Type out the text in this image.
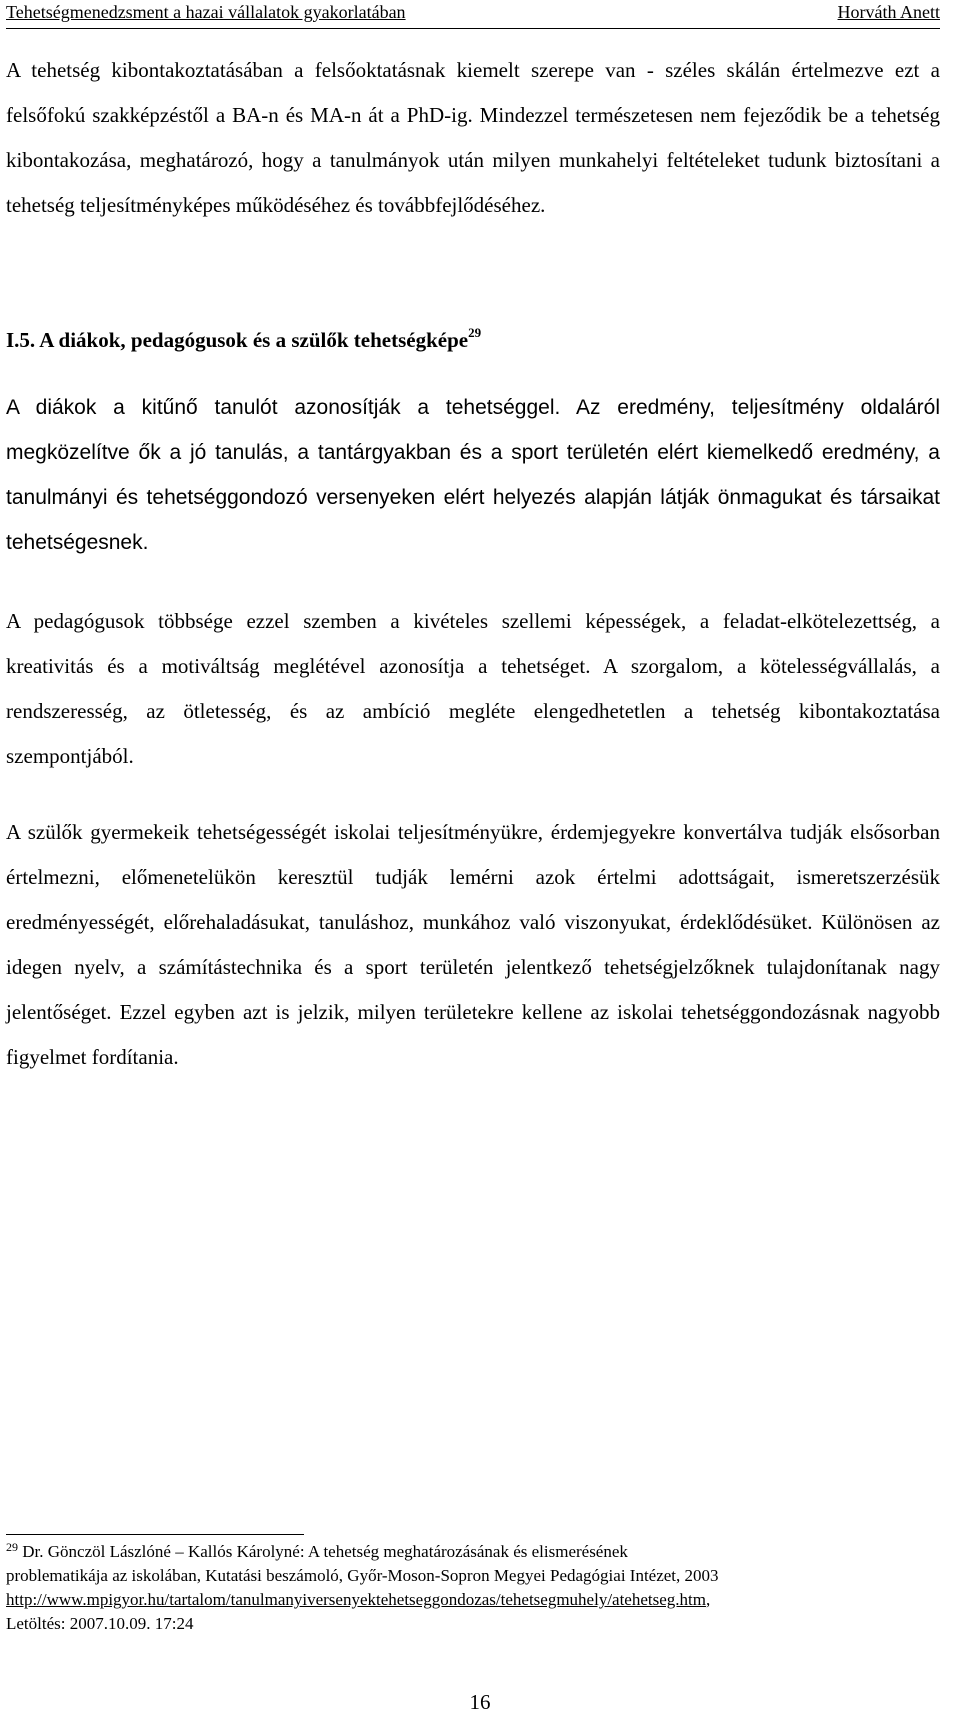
Tehetségmenedzsment a hazai vállalatok gyakorlatában	Horváth Anett

A tehetség kibontakoztatásában a felsőoktatásnak kiemelt szerepe van - széles skálán értelmezve ezt a felsőfokú szakképzéstől a BA-n és MA-n át a PhD-ig. Mindezzel természetesen nem fejeződik be a tehetség kibontakozása, meghatározó, hogy a tanulmányok után milyen munkahelyi feltételeket tudunk biztosítani a tehetség teljesítményképes működéséhez és továbbfejlődéséhez.

I.5. A diákok, pedagógusok és a szülők tehetségképe$^{29}$

A diákok a kitűnő tanulót azonosítják a tehetséggel. Az eredmény, teljesítmény oldaláról megközelítve ők a jó tanulás, a tantárgyakban és a sport területén elért kiemelkedő eredmény, a tanulmányi és tehetséggondozó versenyeken elért helyezés alapján látják önmagukat és társaikat tehetségesnek.

A pedagógusok többsége ezzel szemben a kivételes szellemi képességek, a feladat-elkötelezettség, a kreativitás és a motiváltság meglétével azonosítja a tehetséget. A szorgalom, a kötelességvállalás, a rendszeresség, az ötletesség, és az ambíció megléte elengedhetetlen a tehetség kibontakoztatása szempontjából.

A szülők gyermekeik tehetségességét iskolai teljesítményükre, érdemjegyekre konvertálva tudják elsősorban értelmezni, előmenetelükön keresztül tudják lemérni azok értelmi adottságait, ismeretszerzésük eredményességét, előrehaladásukat, tanuláshoz, munkához való viszonyukat, érdeklődésüket. Különösen az idegen nyelv, a számítástechnika és a sport területén jelentkező tehetségjelzőknek tulajdonítanak nagy jelentőséget. Ezzel egyben azt is jelzik, milyen területekre kellene az iskolai tehetséggondozásnak nagyobb figyelmet fordítania.

$^{29}$ Dr. Gönczöl Lászlóné – Kallós Károlyné: A tehetség meghatározásának és elismerésének
problematikája az iskolában, Kutatási beszámoló, Győr-Moson-Sopron Megyei Pedagógiai Intézet, 2003
http://www.mpigyor.hu/tartalom/tanulmanyiversenyektehetseggondozas/tehetsegmuhely/atehetseg.htm,
Letöltés: 2007.10.09. 17:24
16
